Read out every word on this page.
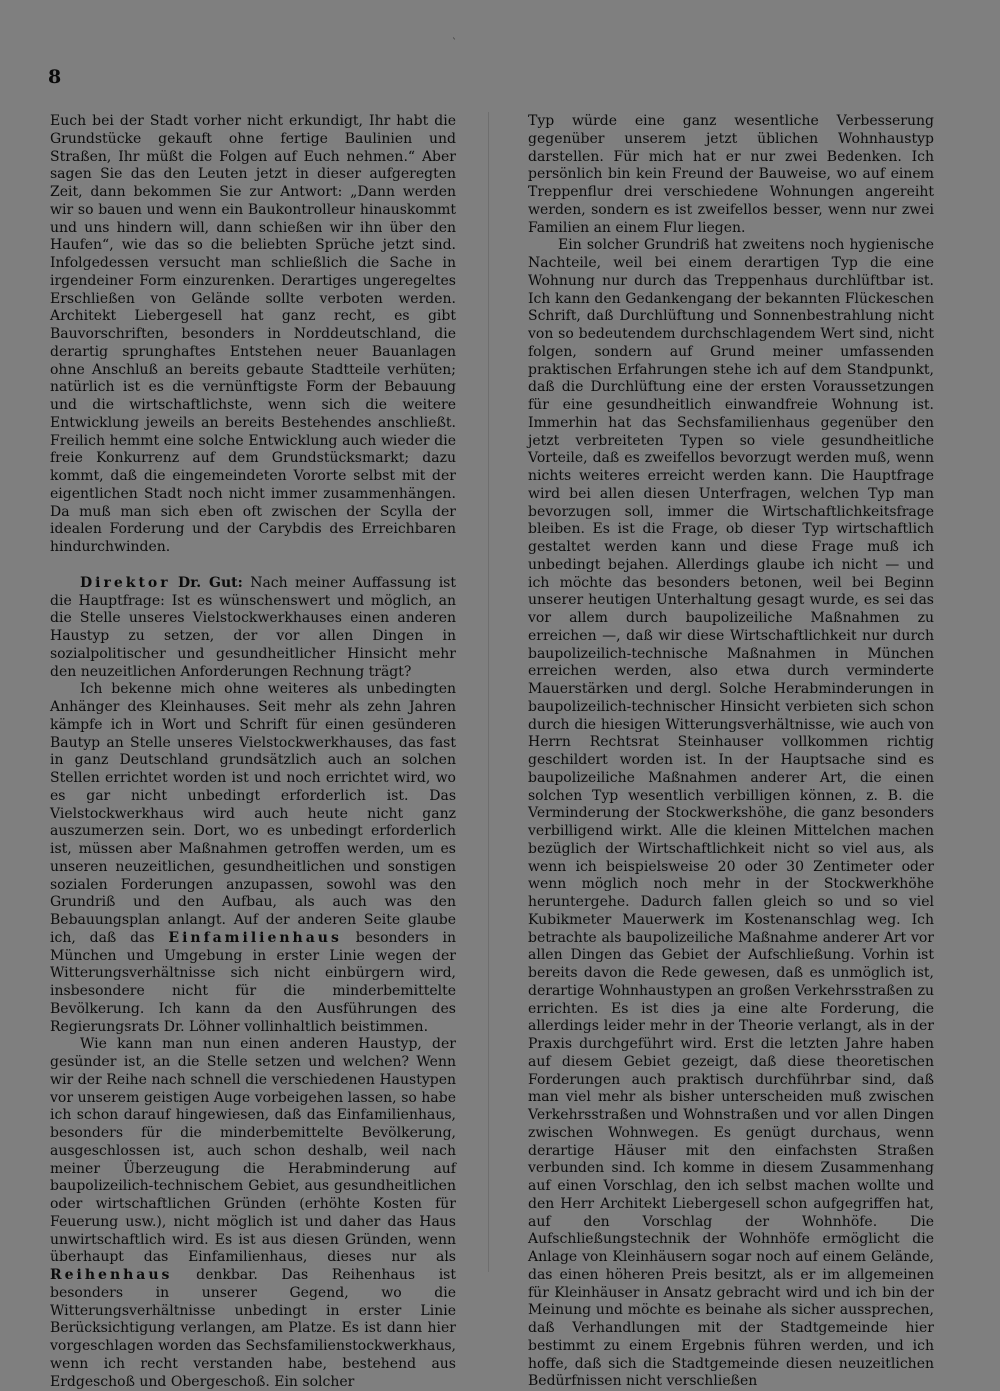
`
8

Euch bei der Stadt vorher nicht erkundigt, Ihr habt die Grundstücke gekauft ohne fertige Baulinien und Straßen, Ihr müßt die Folgen auf Euch nehmen.“ Aber sagen Sie das den Leuten jetzt in dieser aufgeregten Zeit, dann bekommen Sie zur Antwort: „Dann werden wir so bauen und wenn ein Baukontrolleur hinauskommt und uns hindern will, dann schießen wir ihn über den Haufen“, wie das so die beliebten Sprüche jetzt sind. Infolgedessen versucht man schließlich die Sache in irgendeiner Form einzurenken. Derartiges ungeregeltes Erschließen von Gelände sollte verboten werden. Architekt Liebergesell hat ganz recht, es gibt Bauvorschriften, besonders in Norddeutschland, die derartig sprunghaftes Entstehen neuer Bauanlagen ohne Anschluß an bereits gebaute Stadtteile verhüten; natürlich ist es die vernünftigste Form der Bebauung und die wirtschaftlichste, wenn sich die weitere Entwicklung jeweils an bereits Bestehendes anschließt. Freilich hemmt eine solche Entwicklung auch wieder die freie Konkurrenz auf dem Grundstücksmarkt; dazu kommt, daß die eingemeindeten Vororte selbst mit der eigentlichen Stadt noch nicht immer zusammenhängen. Da muß man sich eben oft zwischen der Scylla der idealen Forderung und der Carybdis des Erreichbaren hindurchwinden.

Direktor Dr. Gut: Nach meiner Auffassung ist die Hauptfrage: Ist es wünschenswert und möglich, an die Stelle unseres Vielstockwerkhauses einen anderen Haustyp zu setzen, der vor allen Dingen in sozialpolitischer und gesundheitlicher Hinsicht mehr den neuzeitlichen Anforderungen Rechnung trägt?

Ich bekenne mich ohne weiteres als unbedingten Anhänger des Kleinhauses. Seit mehr als zehn Jahren kämpfe ich in Wort und Schrift für einen gesünderen Bautyp an Stelle unseres Vielstockwerkhauses, das fast in ganz Deutschland grundsätzlich auch an solchen Stellen errichtet worden ist und noch errichtet wird, wo es gar nicht unbedingt erforderlich ist. Das Vielstockwerkhaus wird auch heute nicht ganz auszumerzen sein. Dort, wo es unbedingt erforderlich ist, müssen aber Maßnahmen getroffen werden, um es unseren neuzeitlichen, gesundheitlichen und sonstigen sozialen Forderungen anzupassen, sowohl was den Grundriß und den Aufbau, als auch was den Bebauungsplan anlangt. Auf der anderen Seite glaube ich, daß das Einfamilienhaus besonders in München und Umgebung in erster Linie wegen der Witterungsverhältnisse sich nicht einbürgern wird, insbesondere nicht für die minderbemittelte Bevölkerung. Ich kann da den Ausführungen des Regierungsrats Dr. Löhner vollinhaltlich beistimmen.

Wie kann man nun einen anderen Haustyp, der gesünder ist, an die Stelle setzen und welchen? Wenn wir der Reihe nach schnell die verschiedenen Haustypen vor unserem geistigen Auge vorbeigehen lassen, so habe ich schon darauf hingewiesen, daß das Einfamilienhaus, besonders für die minderbemittelte Bevölkerung, ausgeschlossen ist, auch schon deshalb, weil nach meiner Überzeugung die Herabminderung auf baupolizeilich-technischem Gebiet, aus gesundheitlichen oder wirtschaftlichen Gründen (erhöhte Kosten für Feuerung usw.), nicht möglich ist und daher das Haus unwirtschaftlich wird. Es ist aus diesen Gründen, wenn überhaupt das Einfamilienhaus, dieses nur als Reihenhaus denkbar. Das Reihenhaus ist besonders in unserer Gegend, wo die Witterungsverhältnisse unbedingt in erster Linie Berücksichtigung verlangen, am Platze. Es ist dann hier vorgeschlagen worden das Sechsfamilienstockwerkhaus, wenn ich recht verstanden habe, bestehend aus Erdgeschoß und Obergeschoß. Ein solcher

Typ würde eine ganz wesentliche Verbesserung gegenüber unserem jetzt üblichen Wohnhaustyp darstellen. Für mich hat er nur zwei Bedenken. Ich persönlich bin kein Freund der Bauweise, wo auf einem Treppenflur drei verschiedene Wohnungen angereiht werden, sondern es ist zweifellos besser, wenn nur zwei Familien an einem Flur liegen.

Ein solcher Grundriß hat zweitens noch hygienische Nachteile, weil bei einem derartigen Typ die eine Wohnung nur durch das Treppenhaus durchlüftbar ist. Ich kann den Gedankengang der bekannten Flückeschen Schrift, daß Durchlüftung und Sonnenbestrahlung nicht von so bedeutendem durchschlagendem Wert sind, nicht folgen, sondern auf Grund meiner umfassenden praktischen Erfahrungen stehe ich auf dem Standpunkt, daß die Durchlüftung eine der ersten Voraussetzungen für eine gesundheitlich einwandfreie Wohnung ist. Immerhin hat das Sechsfamilienhaus gegenüber den jetzt verbreiteten Typen so viele gesundheitliche Vorteile, daß es zweifellos bevorzugt werden muß, wenn nichts weiteres erreicht werden kann. Die Hauptfrage wird bei allen diesen Unterfragen, welchen Typ man bevorzugen soll, immer die Wirtschaftlichkeitsfrage bleiben. Es ist die Frage, ob dieser Typ wirtschaftlich gestaltet werden kann und diese Frage muß ich unbedingt bejahen. Allerdings glaube ich nicht — und ich möchte das besonders betonen, weil bei Beginn unserer heutigen Unterhaltung gesagt wurde, es sei das vor allem durch baupolizeiliche Maßnahmen zu erreichen —, daß wir diese Wirtschaftlichkeit nur durch baupolizeilich-technische Maßnahmen in München erreichen werden, also etwa durch verminderte Mauerstärken und dergl. Solche Herabminderungen in baupolizeilich-technischer Hinsicht verbieten sich schon durch die hiesigen Witterungsverhältnisse, wie auch von Herrn Rechtsrat Steinhauser vollkommen richtig geschildert worden ist. In der Hauptsache sind es baupolizeiliche Maßnahmen anderer Art, die einen solchen Typ wesentlich verbilligen können, z. B. die Verminderung der Stockwerkshöhe, die ganz besonders verbilligend wirkt. Alle die kleinen Mittelchen machen bezüglich der Wirtschaftlichkeit nicht so viel aus, als wenn ich beispielsweise 20 oder 30 Zentimeter oder wenn möglich noch mehr in der Stockwerkhöhe heruntergehe. Dadurch fallen gleich so und so viel Kubikmeter Mauerwerk im Kostenanschlag weg. Ich betrachte als baupolizeiliche Maßnahme anderer Art vor allen Dingen das Gebiet der Aufschließung. Vorhin ist bereits davon die Rede gewesen, daß es unmöglich ist, derartige Wohnhaustypen an großen Verkehrsstraßen zu errichten. Es ist dies ja eine alte Forderung, die allerdings leider mehr in der Theorie verlangt, als in der Praxis durchgeführt wird. Erst die letzten Jahre haben auf diesem Gebiet gezeigt, daß diese theoretischen Forderungen auch praktisch durchführbar sind, daß man viel mehr als bisher unterscheiden muß zwischen Verkehrsstraßen und Wohnstraßen und vor allen Dingen zwischen Wohnwegen. Es genügt durchaus, wenn derartige Häuser mit den einfachsten Straßen verbunden sind. Ich komme in diesem Zusammenhang auf einen Vorschlag, den ich selbst machen wollte und den Herr Architekt Liebergesell schon aufgegriffen hat, auf den Vorschlag der Wohnhöfe. Die Aufschließungstechnik der Wohnhöfe ermöglicht die Anlage von Kleinhäusern sogar noch auf einem Gelände, das einen höheren Preis besitzt, als er im allgemeinen für Kleinhäuser in Ansatz gebracht wird und ich bin der Meinung und möchte es beinahe als sicher aussprechen, daß Verhandlungen mit der Stadtgemeinde hier bestimmt zu einem Ergebnis führen werden, und ich hoffe, daß sich die Stadtgemeinde diesen neuzeitlichen Bedürfnissen nicht verschließen
